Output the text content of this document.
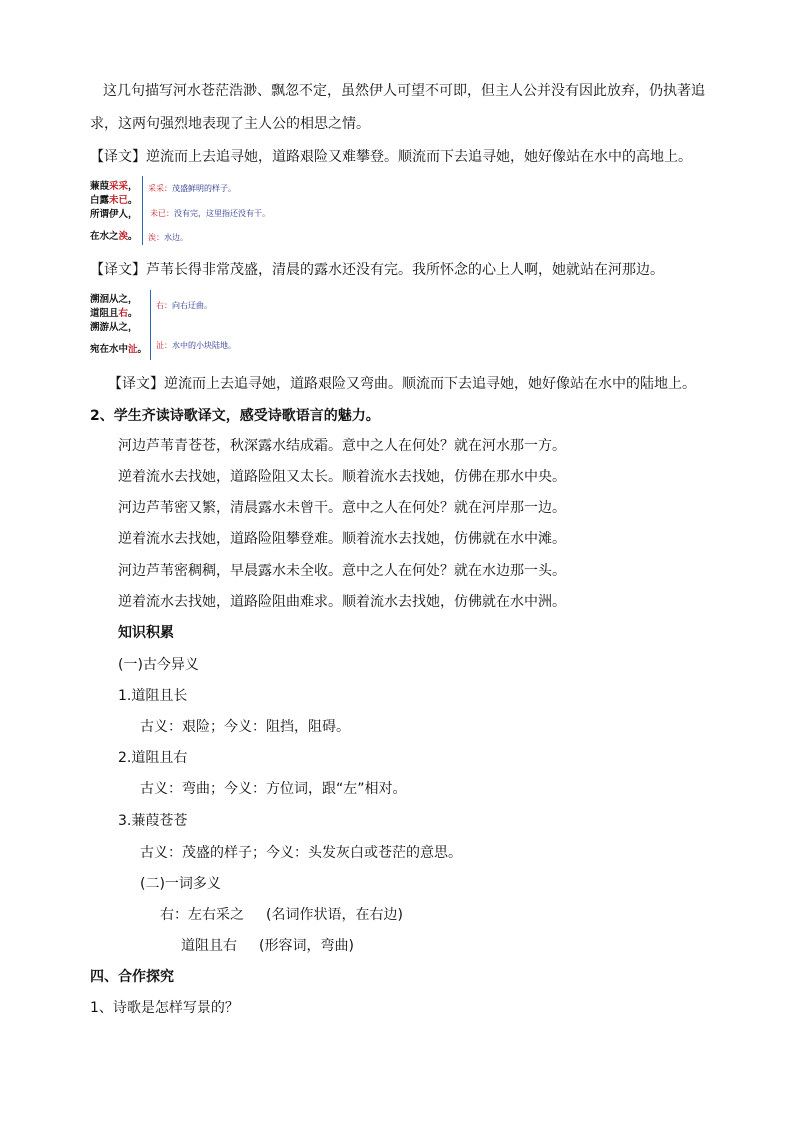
这几句描写河水苍茫浩渺、飘忽不定，虽然伊人可望不可即，但主人公并没有因此放弃，仍执著追
求，这两句强烈地表现了主人公的相思之情。
【译文】逆流而上去追寻她，道路艰险又难攀登。顺流而下去追寻她，她好像站在水中的高地上。
蒹葭采采，
白露未已。
所谓伊人，
在水之涘。
采采：茂盛鲜明的样子。
未已：没有完，这里指还没有干。
涘：水边。
【译文】芦苇长得非常茂盛，清晨的露水还没有完。我所怀念的心上人啊，她就站在河那边。
溯洄从之，
道阻且右。
溯游从之，
宛在水中沚。
右：向右迂曲。
沚：水中的小块陆地。
【译文】逆流而上去追寻她，道路艰险又弯曲。顺流而下去追寻她，她好像站在水中的陆地上。
2、学生齐读诗歌译文，感受诗歌语言的魅力。
河边芦苇青苍苍，秋深露水结成霜。意中之人在何处？就在河水那一方。
逆着流水去找她，道路险阻又太长。顺着流水去找她，仿佛在那水中央。
河边芦苇密又繁，清晨露水未曾干。意中之人在何处？就在河岸那一边。
逆着流水去找她，道路险阻攀登难。顺着流水去找她，仿佛就在水中滩。
河边芦苇密稠稠，早晨露水未全收。意中之人在何处？就在水边那一头。
逆着流水去找她，道路险阻曲难求。顺着流水去找她，仿佛就在水中洲。
知识积累
(一)古今异义
1.道阻且长
古义：艰险；今义：阻挡，阻碍。
2.道阻且右
古义：弯曲；今义：方位词，跟“左”相对。
3.蒹葭苍苍
古义：茂盛的样子；今义：头发灰白或苍茫的意思。
(二)一词多义
右：左右采之 (名词作状语，在右边)
道阻且右 (形容词，弯曲)
四、合作探究
1、诗歌是怎样写景的？
